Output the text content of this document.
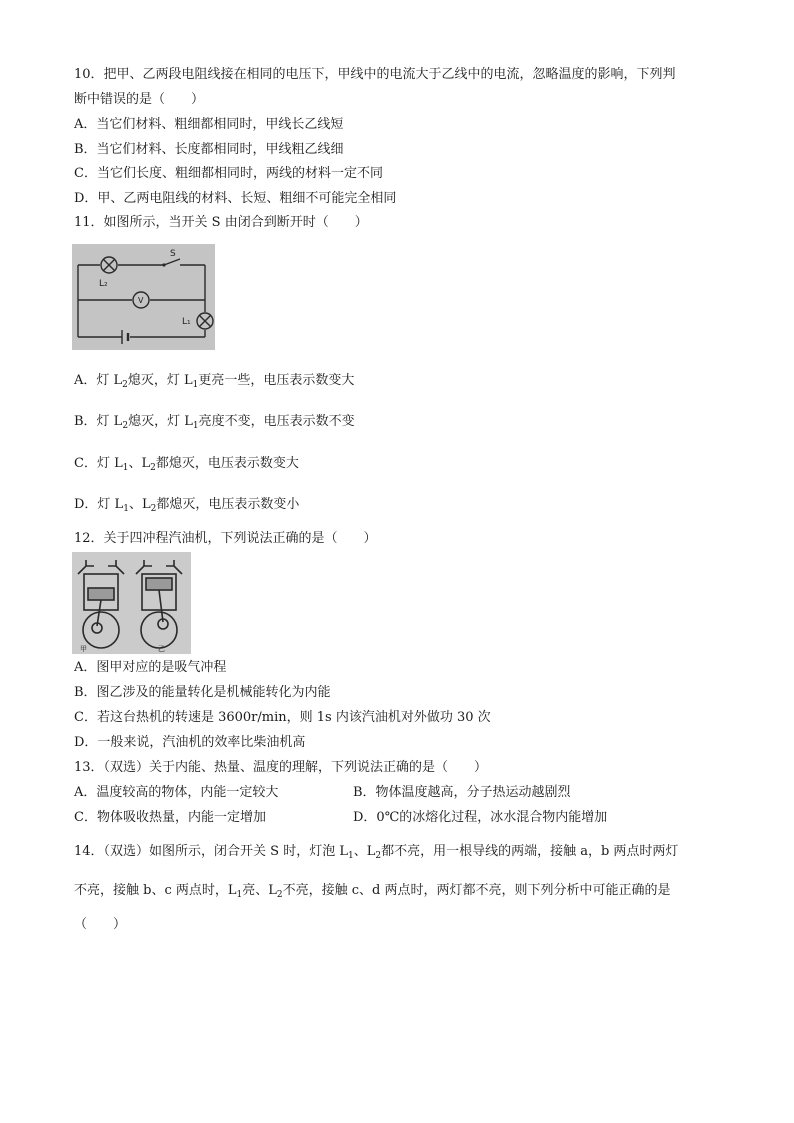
10．把甲、乙两段电阻线接在相同的电压下，甲线中的电流大于乙线中的电流，忽略温度的影响，下列判
断中错误的是（　　）
A．当它们材料、粗细都相同时，甲线长乙线短
B．当它们材料、长度都相同时，甲线粗乙线细
C．当它们长度、粗细都相同时，两线的材料一定不同
D．甲、乙两电阻线的材料、长短、粗细不可能完全相同
11．如图所示，当开关 S 由闭合到断开时（　　）
S
L₂
V
L₁
A．灯 $L_2$熄灭，灯 $L_1$更亮一些，电压表示数变大
B．灯 $L_2$熄灭，灯 $L_1$亮度不变，电压表示数不变
C．灯 $L_1$、$L_2$都熄灭，电压表示数变大
D．灯 $L_1$、$L_2$都熄灭，电压表示数变小
12．关于四冲程汽油机，下列说法正确的是（　　）
甲	乙
A．图甲对应的是吸气冲程
B．图乙涉及的能量转化是机械能转化为内能
C．若这台热机的转速是 3600r/min，则 1s 内该汽油机对外做功 30 次
D．一般来说，汽油机的效率比柴油机高
13．（双选）关于内能、热量、温度的理解，下列说法正确的是（　　）
A．温度较高的物体，内能一定较大	B．物体温度越高，分子热运动越剧烈
C．物体吸收热量，内能一定增加	D．0℃的冰熔化过程，冰水混合物内能增加
14．（双选）如图所示，闭合开关 S 时，灯泡 $L_1$、$L_2$都不亮，用一根导线的两端，接触 a，b 两点时两灯
不亮，接触 b、c 两点时，$L_1$亮、$L_2$不亮，接触 c、d 两点时，两灯都不亮，则下列分析中可能正确的是
（　　）
